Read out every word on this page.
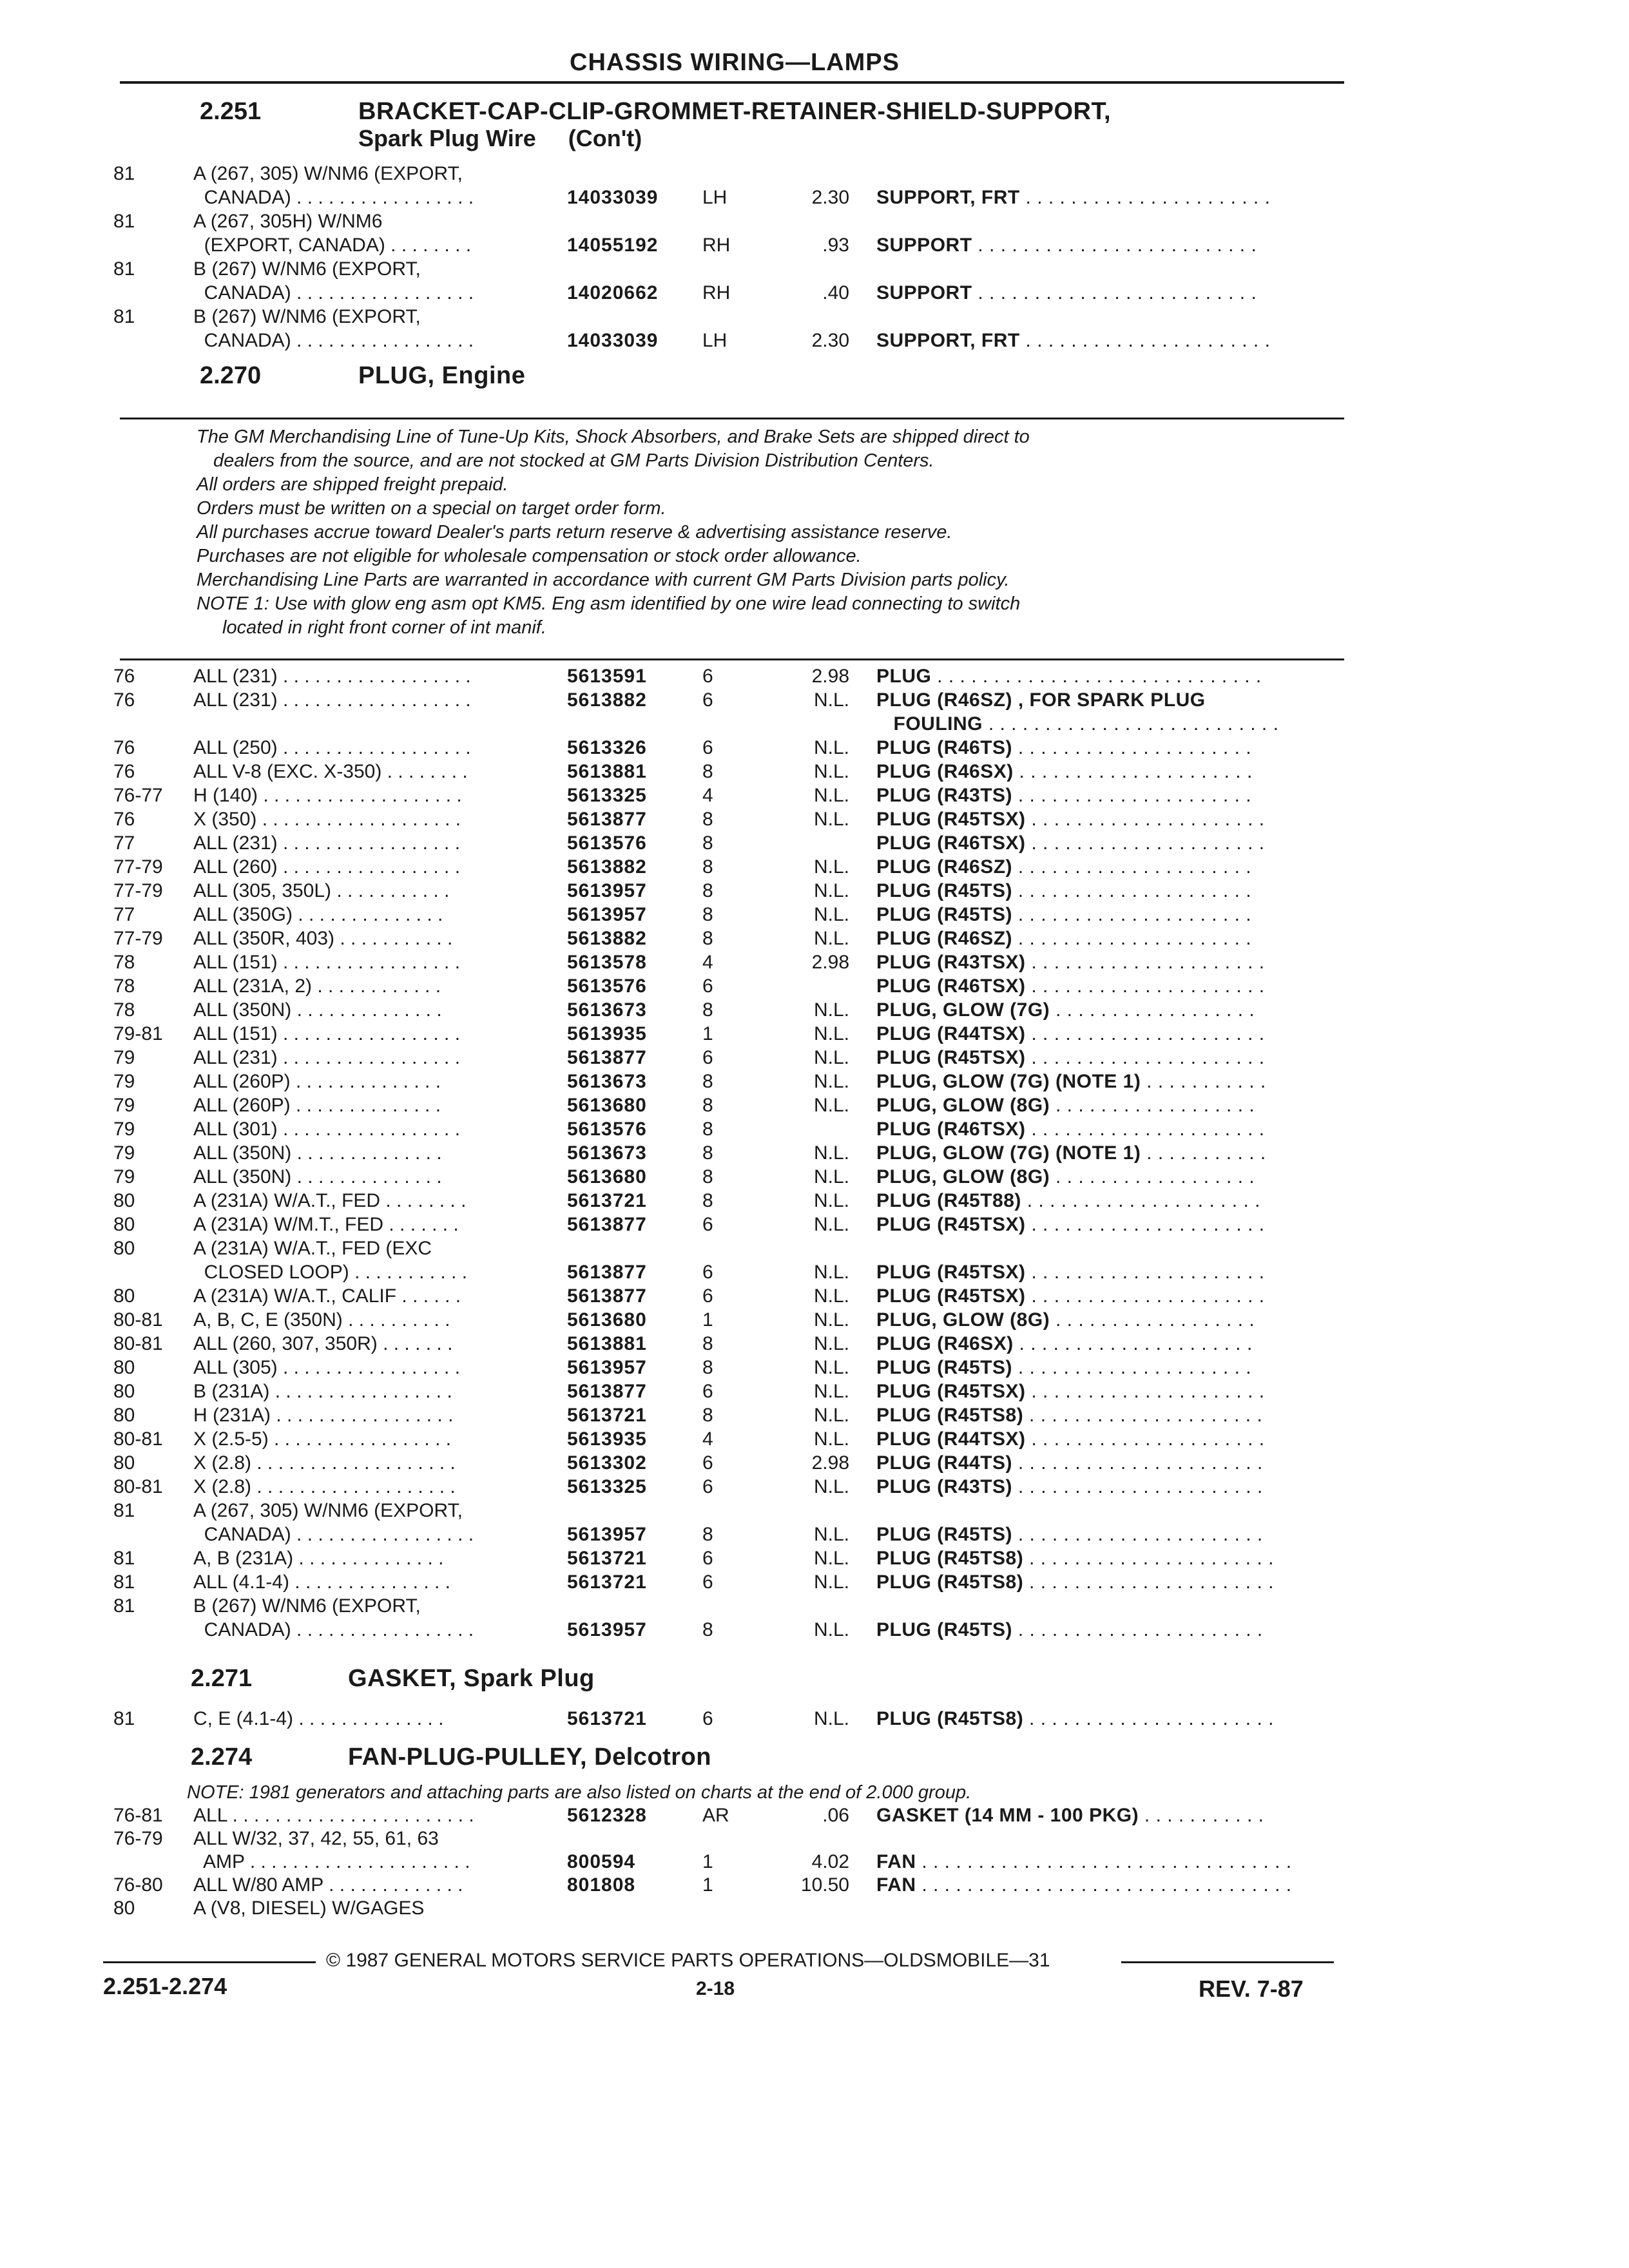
CHASSIS WIRING—LAMPS
2.251	BRACKET-CAP-CLIP-GROMMET-RETAINER-SHIELD-SUPPORT,
Spark Plug Wire     (Con't)
81	A (267, 305) W/NM6 (EXPORT,
CANADA) . . . . . . . . . . . . . . . . .	14033039 LH	2.30 SUPPORT, FRT . . . . . . . . . . . . . . . . . . . . . .
81	A (267, 305H) W/NM6
(EXPORT, CANADA) . . . . . . . .	14055192 RH	.93 SUPPORT . . . . . . . . . . . . . . . . . . . . . . . . .
81	B (267) W/NM6 (EXPORT,
CANADA) . . . . . . . . . . . . . . . . .	14020662 RH	.40 SUPPORT . . . . . . . . . . . . . . . . . . . . . . . . .
81	B (267) W/NM6 (EXPORT,
CANADA) . . . . . . . . . . . . . . . . .	14033039 LH	2.30 SUPPORT, FRT . . . . . . . . . . . . . . . . . . . . . .
2.270	PLUG, Engine
The GM Merchandising Line of Tune-Up Kits, Shock Absorbers, and Brake Sets are shipped direct to
dealers from the source, and are not stocked at GM Parts Division Distribution Centers.
All orders are shipped freight prepaid.
Orders must be written on a special on target order form.
All purchases accrue toward Dealer's parts return reserve & advertising assistance reserve.
Purchases are not eligible for wholesale compensation or stock order allowance.
Merchandising Line Parts are warranted in accordance with current GM Parts Division parts policy.
NOTE 1: Use with glow eng asm opt KM5. Eng asm identified by one wire lead connecting to switch
located in right front corner of int manif.
76	ALL (231) . . . . . . . . . . . . . . . . . .	5613591	6	2.98 PLUG . . . . . . . . . . . . . . . . . . . . . . . . . . . . .
76	ALL (231) . . . . . . . . . . . . . . . . . .	5613882	6	N.L. PLUG (R46SZ) , FOR SPARK PLUG
FOULING . . . . . . . . . . . . . . . . . . . . . . . . . .
76	ALL (250) . . . . . . . . . . . . . . . . . .	5613326	6	N.L. PLUG (R46TS) . . . . . . . . . . . . . . . . . . . . .
76	ALL V-8 (EXC. X-350) . . . . . . . .	5613881	8	N.L. PLUG (R46SX) . . . . . . . . . . . . . . . . . . . . .
76-77 H (140) . . . . . . . . . . . . . . . . . . .	5613325	4	N.L. PLUG (R43TS) . . . . . . . . . . . . . . . . . . . . .
76	X (350) . . . . . . . . . . . . . . . . . . .	5613877	8	N.L. PLUG (R45TSX) . . . . . . . . . . . . . . . . . . . . .
77	ALL (231) . . . . . . . . . . . . . . . . .	5613576	8	PLUG (R46TSX) . . . . . . . . . . . . . . . . . . . . .
77-79 ALL (260) . . . . . . . . . . . . . . . . .	5613882	8	N.L. PLUG (R46SZ) . . . . . . . . . . . . . . . . . . . . .
77-79 ALL (305, 350L) . . . . . . . . . . .	5613957	8	N.L. PLUG (R45TS) . . . . . . . . . . . . . . . . . . . . .
77	ALL (350G) . . . . . . . . . . . . . .	5613957	8	N.L. PLUG (R45TS) . . . . . . . . . . . . . . . . . . . . .
77-79 ALL (350R, 403) . . . . . . . . . . .	5613882	8	N.L. PLUG (R46SZ) . . . . . . . . . . . . . . . . . . . . .
78	ALL (151) . . . . . . . . . . . . . . . . .	5613578	4	2.98 PLUG (R43TSX) . . . . . . . . . . . . . . . . . . . . .
78	ALL (231A, 2) . . . . . . . . . . . .	5613576	6	PLUG (R46TSX) . . . . . . . . . . . . . . . . . . . . .
78	ALL (350N) . . . . . . . . . . . . . .	5613673	8	N.L. PLUG, GLOW (7G) . . . . . . . . . . . . . . . . . .
79-81 ALL (151) . . . . . . . . . . . . . . . . .	5613935	1	N.L. PLUG (R44TSX) . . . . . . . . . . . . . . . . . . . . .
79	ALL (231) . . . . . . . . . . . . . . . . .	5613877	6	N.L. PLUG (R45TSX) . . . . . . . . . . . . . . . . . . . . .
79	ALL (260P) . . . . . . . . . . . . . .	5613673	8	N.L. PLUG, GLOW (7G) (NOTE 1) . . . . . . . . . . .
79	ALL (260P) . . . . . . . . . . . . . .	5613680	8	N.L. PLUG, GLOW (8G) . . . . . . . . . . . . . . . . . .
79	ALL (301) . . . . . . . . . . . . . . . . .	5613576	8	PLUG (R46TSX) . . . . . . . . . . . . . . . . . . . . .
79	ALL (350N) . . . . . . . . . . . . . .	5613673	8	N.L. PLUG, GLOW (7G) (NOTE 1) . . . . . . . . . . .
79	ALL (350N) . . . . . . . . . . . . . .	5613680	8	N.L. PLUG, GLOW (8G) . . . . . . . . . . . . . . . . . .
80	A (231A) W/A.T., FED . . . . . . . .	5613721	8	N.L. PLUG (R45T88) . . . . . . . . . . . . . . . . . . . . .
80	A (231A) W/M.T., FED . . . . . . .	5613877	6	N.L. PLUG (R45TSX) . . . . . . . . . . . . . . . . . . . . .
80	A (231A) W/A.T., FED (EXC
CLOSED LOOP) . . . . . . . . . . .	5613877	6	N.L. PLUG (R45TSX) . . . . . . . . . . . . . . . . . . . . .
80	A (231A) W/A.T., CALIF . . . . . .	5613877	6	N.L. PLUG (R45TSX) . . . . . . . . . . . . . . . . . . . . .
80-81 A, B, C, E (350N) . . . . . . . . . .	5613680	1	N.L. PLUG, GLOW (8G) . . . . . . . . . . . . . . . . . .
80-81 ALL (260, 307, 350R) . . . . . . .	5613881	8	N.L. PLUG (R46SX) . . . . . . . . . . . . . . . . . . . . .
80	ALL (305) . . . . . . . . . . . . . . . . .	5613957	8	N.L. PLUG (R45TS) . . . . . . . . . . . . . . . . . . . . .
80	B (231A) . . . . . . . . . . . . . . . . .	5613877	6	N.L. PLUG (R45TSX) . . . . . . . . . . . . . . . . . . . . .
80	H (231A) . . . . . . . . . . . . . . . . .	5613721	8	N.L. PLUG (R45TS8) . . . . . . . . . . . . . . . . . . . . .
80-81 X (2.5-5) . . . . . . . . . . . . . . . . .	5613935	4	N.L. PLUG (R44TSX) . . . . . . . . . . . . . . . . . . . . .
80	X (2.8) . . . . . . . . . . . . . . . . . . .	5613302	6	2.98 PLUG (R44TS) . . . . . . . . . . . . . . . . . . . . . .
80-81 X (2.8) . . . . . . . . . . . . . . . . . . .	5613325	6	N.L. PLUG (R43TS) . . . . . . . . . . . . . . . . . . . . . .
81	A (267, 305) W/NM6 (EXPORT,
CANADA) . . . . . . . . . . . . . . . . .	5613957	8	N.L. PLUG (R45TS) . . . . . . . . . . . . . . . . . . . . . .
81	A, B (231A) . . . . . . . . . . . . . .	5613721	6	N.L. PLUG (R45TS8) . . . . . . . . . . . . . . . . . . . . . .
81	ALL (4.1-4) . . . . . . . . . . . . . . .	5613721	6	N.L. PLUG (R45TS8) . . . . . . . . . . . . . . . . . . . . . .
81	B (267) W/NM6 (EXPORT,
CANADA) . . . . . . . . . . . . . . . . .	5613957	8	N.L. PLUG (R45TS) . . . . . . . . . . . . . . . . . . . . . .
2.271	GASKET, Spark Plug
81	C, E (4.1-4) . . . . . . . . . . . . . .	5613721	6	N.L. PLUG (R45TS8) . . . . . . . . . . . . . . . . . . . . . .
2.274	FAN-PLUG-PULLEY, Delcotron
NOTE: 1981 generators and attaching parts are also listed on charts at the end of 2.000 group.
76-81 ALL . . . . . . . . . . . . . . . . . . . . . . .	5612328	AR	.06 GASKET (14 MM - 100 PKG) . . . . . . . . . . .
76-79 ALL W/32, 37, 42, 55, 61, 63
AMP . . . . . . . . . . . . . . . . . . . . .	800594	1	4.02 FAN . . . . . . . . . . . . . . . . . . . . . . . . . . . . . . . . .
76-80 ALL W/80 AMP . . . . . . . . . . . . .	801808	1	10.50 FAN . . . . . . . . . . . . . . . . . . . . . . . . . . . . . . . . .
80	A (V8, DIESEL) W/GAGES
© 1987 GENERAL MOTORS SERVICE PARTS OPERATIONS—OLDSMOBILE—31
2.251-2.274	2-18	REV. 7-87
